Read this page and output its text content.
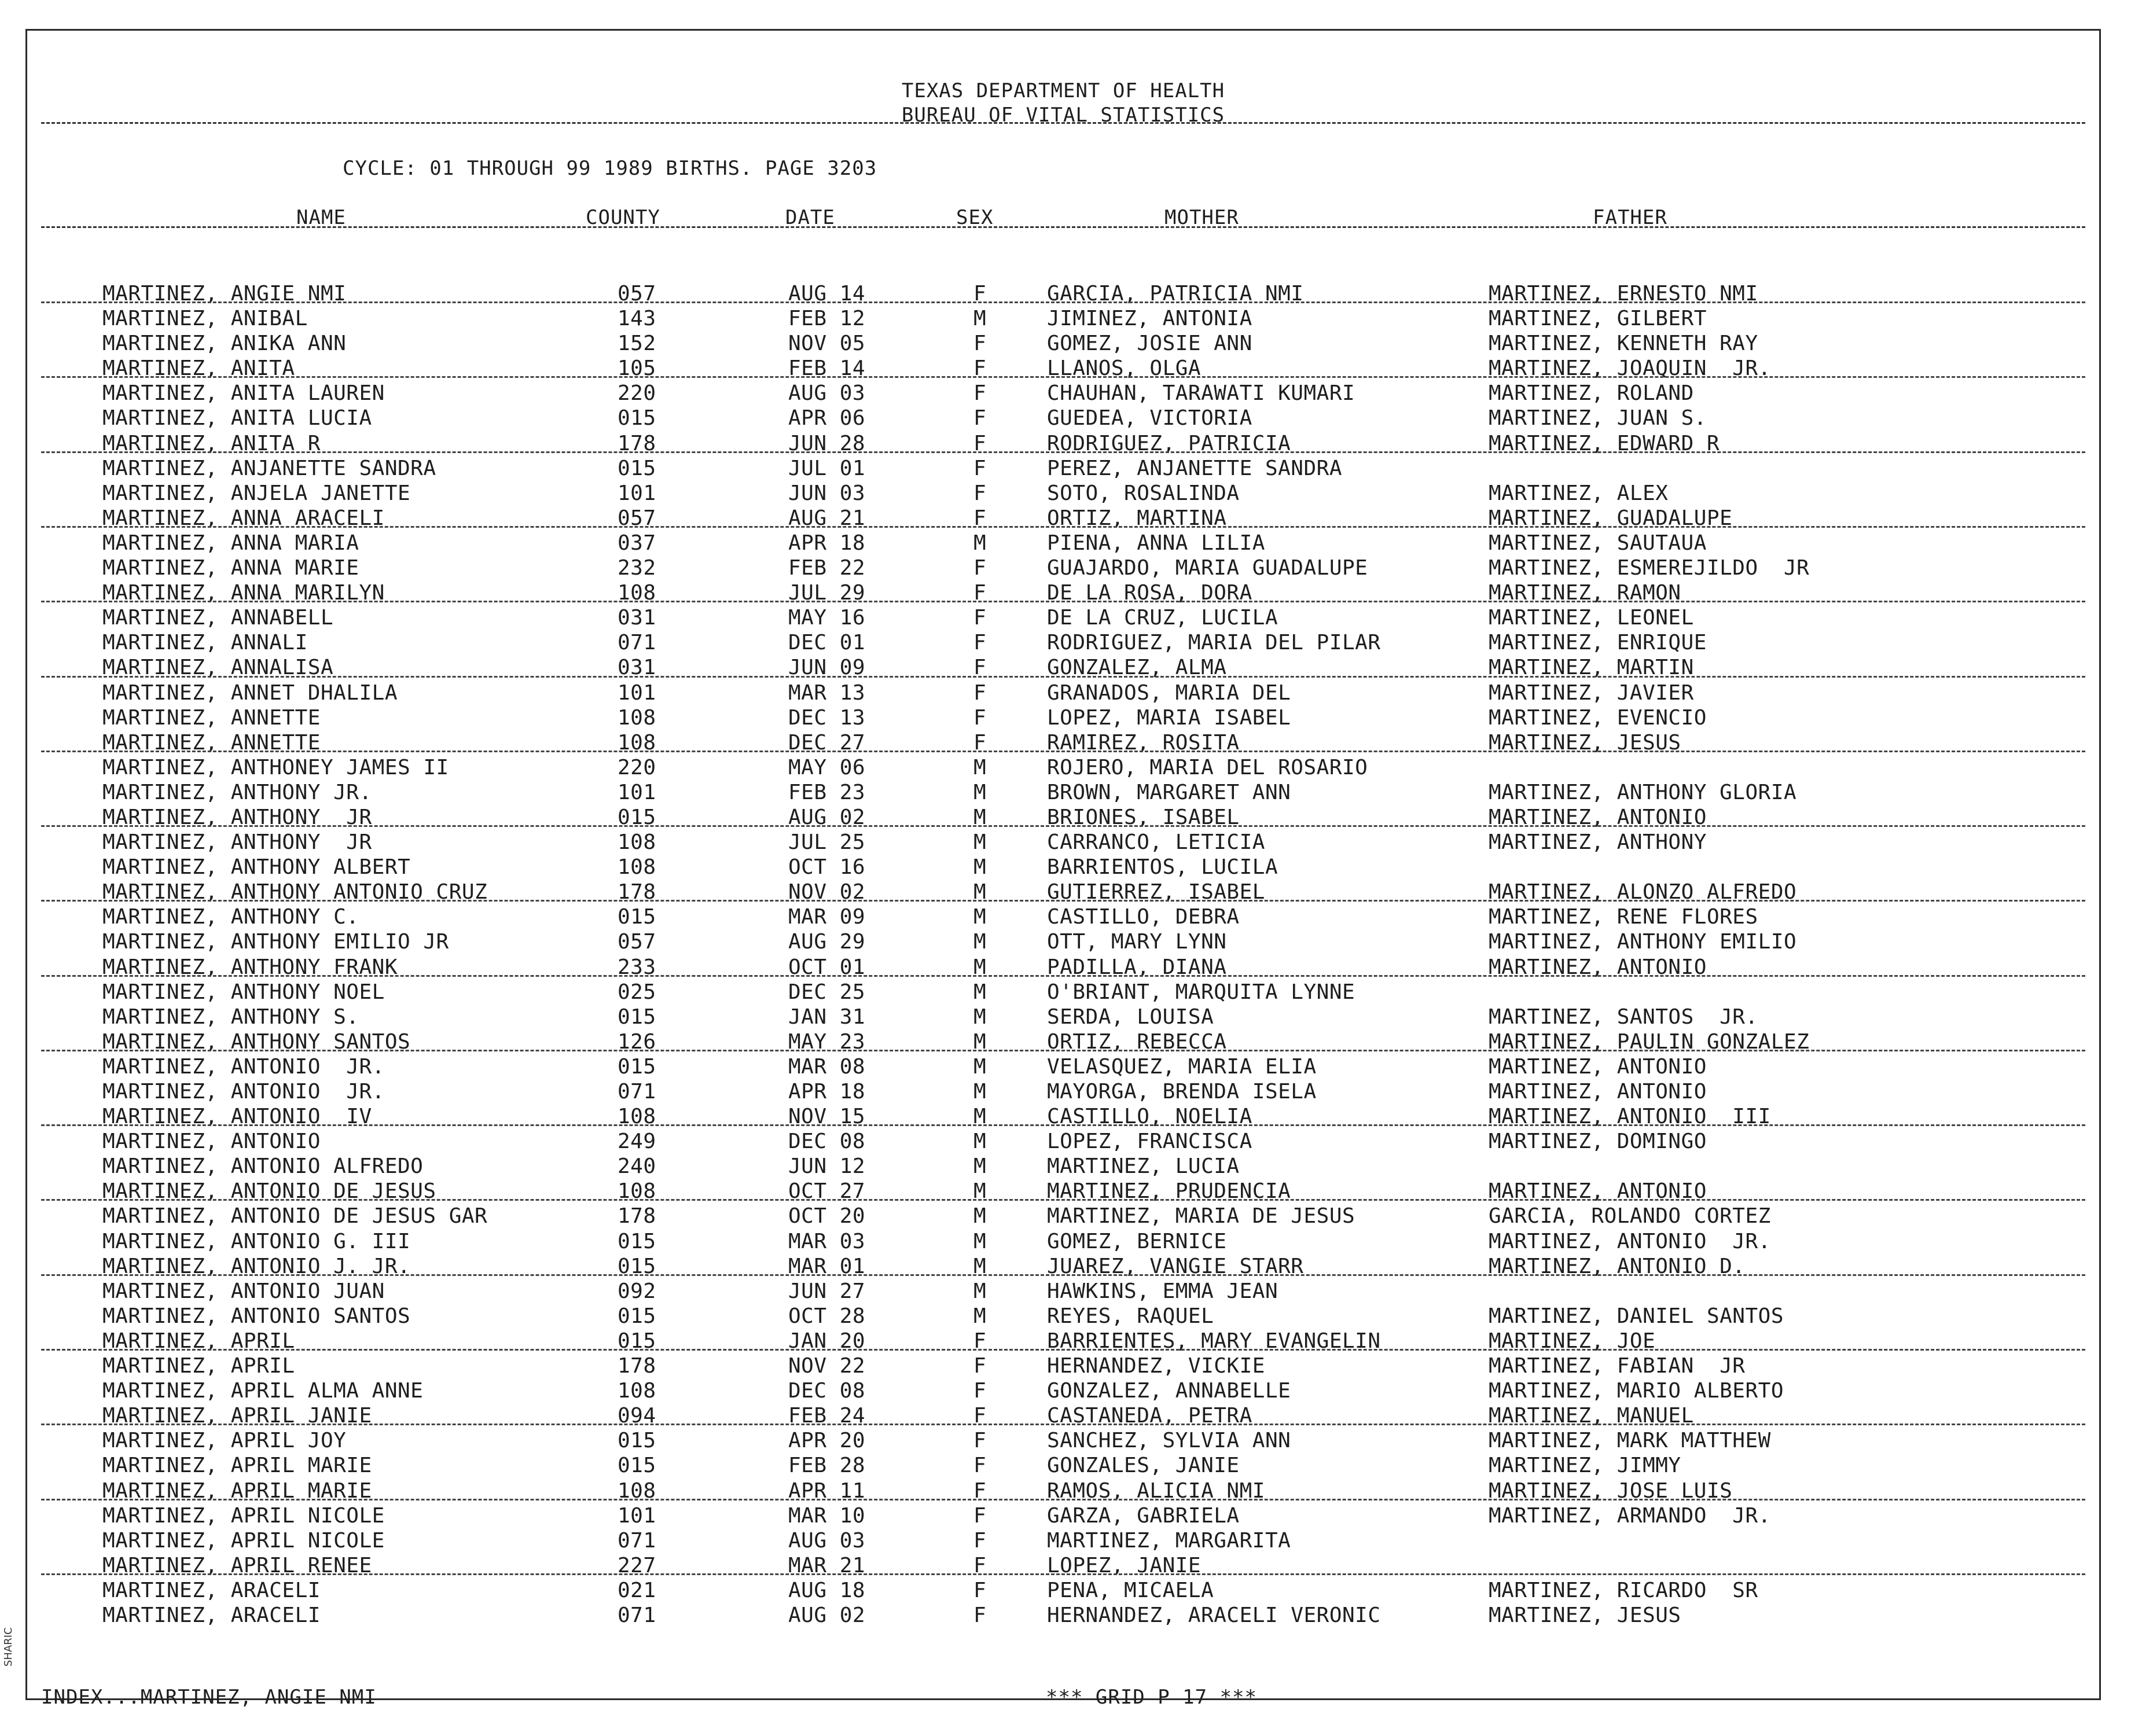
TEXAS DEPARTMENT OF HEALTH
BUREAU OF VITAL STATISTICS
CYCLE: 01 THROUGH 99 1989 BIRTHS. PAGE 3203
NAME	COUNTY	DATE	SEX	MOTHER	FATHER
MARTINEZ, ANGIE NMI	057	AUG 14	F	GARCIA, PATRICIA NMI	MARTINEZ, ERNESTO NMI
MARTINEZ, ANIBAL	143	FEB 12	M	JIMINEZ, ANTONIA	MARTINEZ, GILBERT
MARTINEZ, ANIKA ANN	152	NOV 05	F	GOMEZ, JOSIE ANN	MARTINEZ, KENNETH RAY
MARTINEZ, ANITA	105	FEB 14	F	LLANOS, OLGA	MARTINEZ, JOAQUIN  JR.
MARTINEZ, ANITA LAUREN	220	AUG 03	F	CHAUHAN, TARAWATI KUMARI	MARTINEZ, ROLAND
MARTINEZ, ANITA LUCIA	015	APR 06	F	GUEDEA, VICTORIA	MARTINEZ, JUAN S.
MARTINEZ, ANITA R	178	JUN 28	F	RODRIGUEZ, PATRICIA	MARTINEZ, EDWARD R
MARTINEZ, ANJANETTE SANDRA	015	JUL 01	F	PEREZ, ANJANETTE SANDRA
MARTINEZ, ANJELA JANETTE	101	JUN 03	F	SOTO, ROSALINDA	MARTINEZ, ALEX
MARTINEZ, ANNA ARACELI	057	AUG 21	F	ORTIZ, MARTINA	MARTINEZ, GUADALUPE
MARTINEZ, ANNA MARIA	037	APR 18	M	PIENA, ANNA LILIA	MARTINEZ, SAUTAUA
MARTINEZ, ANNA MARIE	232	FEB 22	F	GUAJARDO, MARIA GUADALUPE	MARTINEZ, ESMEREJILDO  JR
MARTINEZ, ANNA MARILYN	108	JUL 29	F	DE LA ROSA, DORA	MARTINEZ, RAMON
MARTINEZ, ANNABELL	031	MAY 16	F	DE LA CRUZ, LUCILA	MARTINEZ, LEONEL
MARTINEZ, ANNALI	071	DEC 01	F	RODRIGUEZ, MARIA DEL PILAR	MARTINEZ, ENRIQUE
MARTINEZ, ANNALISA	031	JUN 09	F	GONZALEZ, ALMA	MARTINEZ, MARTIN
MARTINEZ, ANNET DHALILA	101	MAR 13	F	GRANADOS, MARIA DEL	MARTINEZ, JAVIER
MARTINEZ, ANNETTE	108	DEC 13	F	LOPEZ, MARIA ISABEL	MARTINEZ, EVENCIO
MARTINEZ, ANNETTE	108	DEC 27	F	RAMIREZ, ROSITA	MARTINEZ, JESUS
MARTINEZ, ANTHONEY JAMES II	220	MAY 06	M	ROJERO, MARIA DEL ROSARIO
MARTINEZ, ANTHONY JR.	101	FEB 23	M	BROWN, MARGARET ANN	MARTINEZ, ANTHONY GLORIA
MARTINEZ, ANTHONY  JR	015	AUG 02	M	BRIONES, ISABEL	MARTINEZ, ANTONIO
MARTINEZ, ANTHONY  JR	108	JUL 25	M	CARRANCO, LETICIA	MARTINEZ, ANTHONY
MARTINEZ, ANTHONY ALBERT	108	OCT 16	M	BARRIENTOS, LUCILA
MARTINEZ, ANTHONY ANTONIO CRUZ	178	NOV 02	M	GUTIERREZ, ISABEL	MARTINEZ, ALONZO ALFREDO
MARTINEZ, ANTHONY C.	015	MAR 09	M	CASTILLO, DEBRA	MARTINEZ, RENE FLORES
MARTINEZ, ANTHONY EMILIO JR	057	AUG 29	M	OTT, MARY LYNN	MARTINEZ, ANTHONY EMILIO
MARTINEZ, ANTHONY FRANK	233	OCT 01	M	PADILLA, DIANA	MARTINEZ, ANTONIO
MARTINEZ, ANTHONY NOEL	025	DEC 25	M	O'BRIANT, MARQUITA LYNNE
MARTINEZ, ANTHONY S.	015	JAN 31	M	SERDA, LOUISA	MARTINEZ, SANTOS  JR.
MARTINEZ, ANTHONY SANTOS	126	MAY 23	M	ORTIZ, REBECCA	MARTINEZ, PAULIN GONZALEZ
MARTINEZ, ANTONIO  JR.	015	MAR 08	M	VELASQUEZ, MARIA ELIA	MARTINEZ, ANTONIO
MARTINEZ, ANTONIO  JR.	071	APR 18	M	MAYORGA, BRENDA ISELA	MARTINEZ, ANTONIO
MARTINEZ, ANTONIO  IV	108	NOV 15	M	CASTILLO, NOELIA	MARTINEZ, ANTONIO  III
MARTINEZ, ANTONIO	249	DEC 08	M	LOPEZ, FRANCISCA	MARTINEZ, DOMINGO
MARTINEZ, ANTONIO ALFREDO	240	JUN 12	M	MARTINEZ, LUCIA
MARTINEZ, ANTONIO DE JESUS	108	OCT 27	M	MARTINEZ, PRUDENCIA	MARTINEZ, ANTONIO
MARTINEZ, ANTONIO DE JESUS GAR	178	OCT 20	M	MARTINEZ, MARIA DE JESUS	GARCIA, ROLANDO CORTEZ
MARTINEZ, ANTONIO G. III	015	MAR 03	M	GOMEZ, BERNICE	MARTINEZ, ANTONIO  JR.
MARTINEZ, ANTONIO J. JR.	015	MAR 01	M	JUAREZ, VANGIE STARR	MARTINEZ, ANTONIO D.
MARTINEZ, ANTONIO JUAN	092	JUN 27	M	HAWKINS, EMMA JEAN
MARTINEZ, ANTONIO SANTOS	015	OCT 28	M	REYES, RAQUEL	MARTINEZ, DANIEL SANTOS
MARTINEZ, APRIL	015	JAN 20	F	BARRIENTES, MARY EVANGELIN	MARTINEZ, JOE
MARTINEZ, APRIL	178	NOV 22	F	HERNANDEZ, VICKIE	MARTINEZ, FABIAN  JR
MARTINEZ, APRIL ALMA ANNE	108	DEC 08	F	GONZALEZ, ANNABELLE	MARTINEZ, MARIO ALBERTO
MARTINEZ, APRIL JANIE	094	FEB 24	F	CASTANEDA, PETRA	MARTINEZ, MANUEL
MARTINEZ, APRIL JOY	015	APR 20	F	SANCHEZ, SYLVIA ANN	MARTINEZ, MARK MATTHEW
MARTINEZ, APRIL MARIE	015	FEB 28	F	GONZALES, JANIE	MARTINEZ, JIMMY
MARTINEZ, APRIL MARIE	108	APR 11	F	RAMOS, ALICIA NMI	MARTINEZ, JOSE LUIS
MARTINEZ, APRIL NICOLE	101	MAR 10	F	GARZA, GABRIELA	MARTINEZ, ARMANDO  JR.
MARTINEZ, APRIL NICOLE	071	AUG 03	F	MARTINEZ, MARGARITA
MARTINEZ, APRIL RENEE	227	MAR 21	F	LOPEZ, JANIE
MARTINEZ, ARACELI	021	AUG 18	F	PENA, MICAELA	MARTINEZ, RICARDO  SR
MARTINEZ, ARACELI	071	AUG 02	F	HERNANDEZ, ARACELI VERONIC	MARTINEZ, JESUS
INDEX...MARTINEZ, ANGIE NMI	*** GRID P 17 ***
SHARIC
